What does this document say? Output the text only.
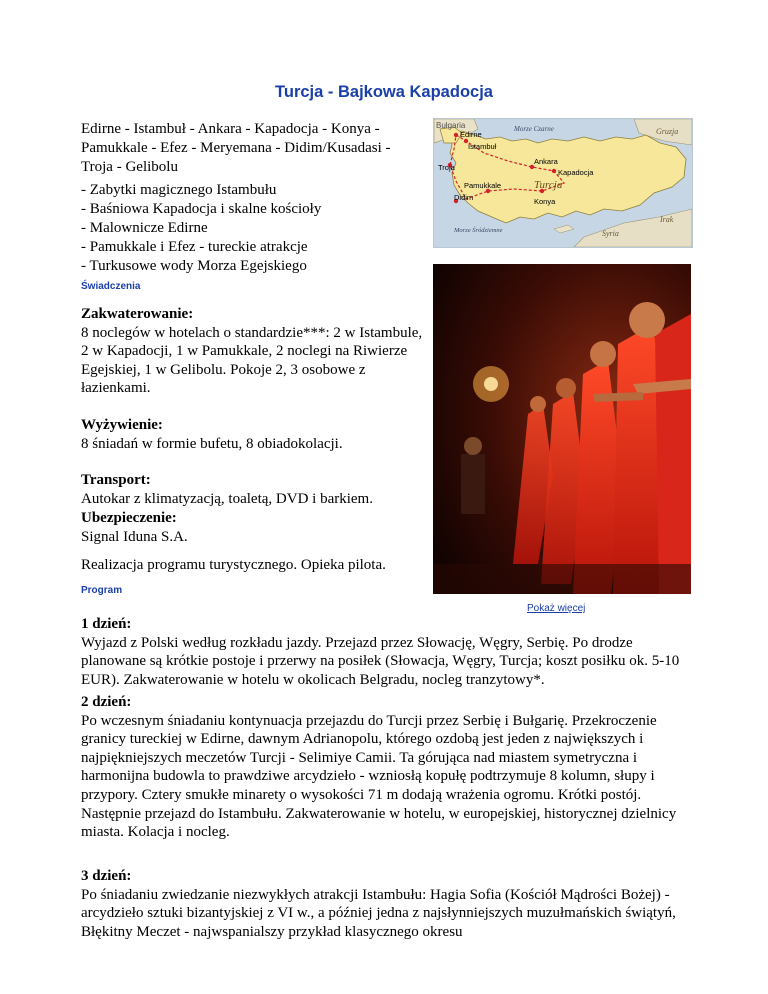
Turcja - Bajkowa Kapadocja
Edirne - Istambuł - Ankara - Kapadocja - Konya - Pamukkale - Efez - Meryemana - Didim/Kusadasi - Troja - Gelibolu
- Zabytki magicznego Istambułu
- Baśniowa Kapadocja i skalne kościoły
- Malownicze Edirne
- Pamukkale i Efez - tureckie atrakcje
- Turkusowe wody Morza Egejskiego
Bułgaria	Morze Czarne	Gruzja
Edirne
Istambuł
Troja
Ankara
Kapadocja
Pamukkale	Turcja
Didim	Konya
Morze Śródziemne	Syria
Irak
Świadczenia
Zakwaterowanie:
8 noclegów w hotelach o standardzie***: 2 w Istambule, 2 w Kapadocji, 1 w Pamukkale, 2 noclegi na Riwierze Egejskiej, 1 w Gelibolu. Pokoje 2, 3 osobowe z łazienkami.
Wyżywienie:
8 śniadań w formie bufetu, 8 obiadokolacji.
Transport:
Autokar z klimatyzacją, toaletą, DVD i barkiem.
Ubezpieczenie:
Signal Iduna S.A.
Realizacja programu turystycznego. Opieka pilota.
Program
Pokaż więcej
1 dzień:
Wyjazd z Polski według rozkładu jazdy. Przejazd przez Słowację, Węgry, Serbię. Po drodze planowane są krótkie postoje i przerwy na posiłek (Słowacja, Węgry, Turcja; koszt posiłku ok. 5-10 EUR). Zakwaterowanie w hotelu w okolicach Belgradu, nocleg tranzytowy*.
2 dzień:
Po wczesnym śniadaniu kontynuacja przejazdu do Turcji przez Serbię i Bułgarię. Przekroczenie granicy tureckiej w Edirne, dawnym Adrianopolu, którego ozdobą jest jeden z największych i najpiękniejszych meczetów Turcji - Selimiye Camii. Ta górująca nad miastem symetryczna i harmonijna budowla to prawdziwe arcydzieło - wzniosłą kopułę podtrzymuje 8 kolumn, słupy i przypory. Cztery smukłe minarety o wysokości 71 m dodają wrażenia ogromu. Krótki postój. Następnie przejazd do Istambułu. Zakwaterowanie w hotelu, w europejskiej, historycznej dzielnicy miasta. Kolacja i nocleg.
3 dzień:
Po śniadaniu zwiedzanie niezwykłych atrakcji Istambułu: Hagia Sofia (Kościół Mądrości Bożej) - arcydzieło sztuki bizantyjskiej z VI w., a później jedna z najsłynniejszych muzułmańskich świątyń, Błękitny Meczet - najwspanialszy przykład klasycznego okresu
